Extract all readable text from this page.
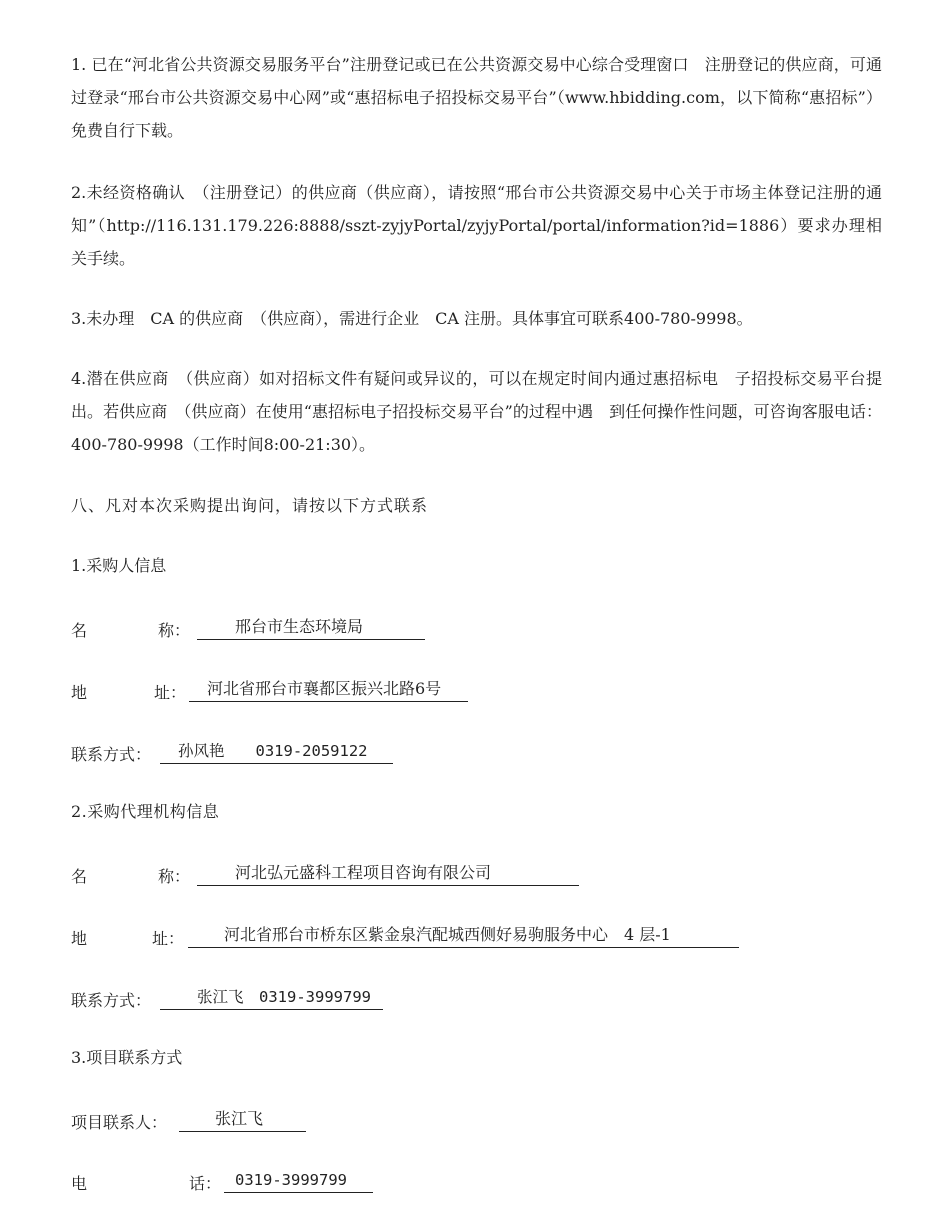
1. 已在“河北省公共资源交易服务平台”注册登记或已在公共资源交易中心综合受理窗口　注册登记的供应商，可通过登录“邢台市公共资源交易中心网”或“惠招标电子招投标交易平台”（www.hbidding.com，以下简称“惠招标”）免费自行下载。

2.未经资格确认　（注册登记）的供应商（供应商），请按照“邢台市公共资源交易中心关于市场主体登记注册的通知”（http://116.131.179.226:8888/sszt-zyjyPortal/zyjyPortal/portal/information?id=1886）要求办理相　关手续。

3.未办理　CA 的供应商　（供应商），需进行企业　CA 注册。具体事宜可联系400-780-9998。

4.潜在供应商　（供应商）如对招标文件有疑问或异议的，可以在规定时间内通过惠招标电　子招投标交易平台提出。若供应商　（供应商）在使用“惠招标电子招投标交易平台”的过程中遇　到任何操作性问题，可咨询客服电话：400-780-9998（工作时间8:00-21:30）。

八、凡对本次采购提出询问，请按以下方式联系
1.采购人信息
名	称：	邢台市生态环境局
地	址：	河北省邢台市襄都区振兴北路6号
联系方式：	孙风艳　　0319-2059122
2.采购代理机构信息
名	称：	河北弘元盛科工程项目咨询有限公司
地	址：	河北省邢台市桥东区紫金泉汽配城西侧好易驹服务中心　4 层-1
联系方式：	张江飞　0319-3999799
3.项目联系方式
项目联系人：	张江飞
电	话： 0319-3999799
